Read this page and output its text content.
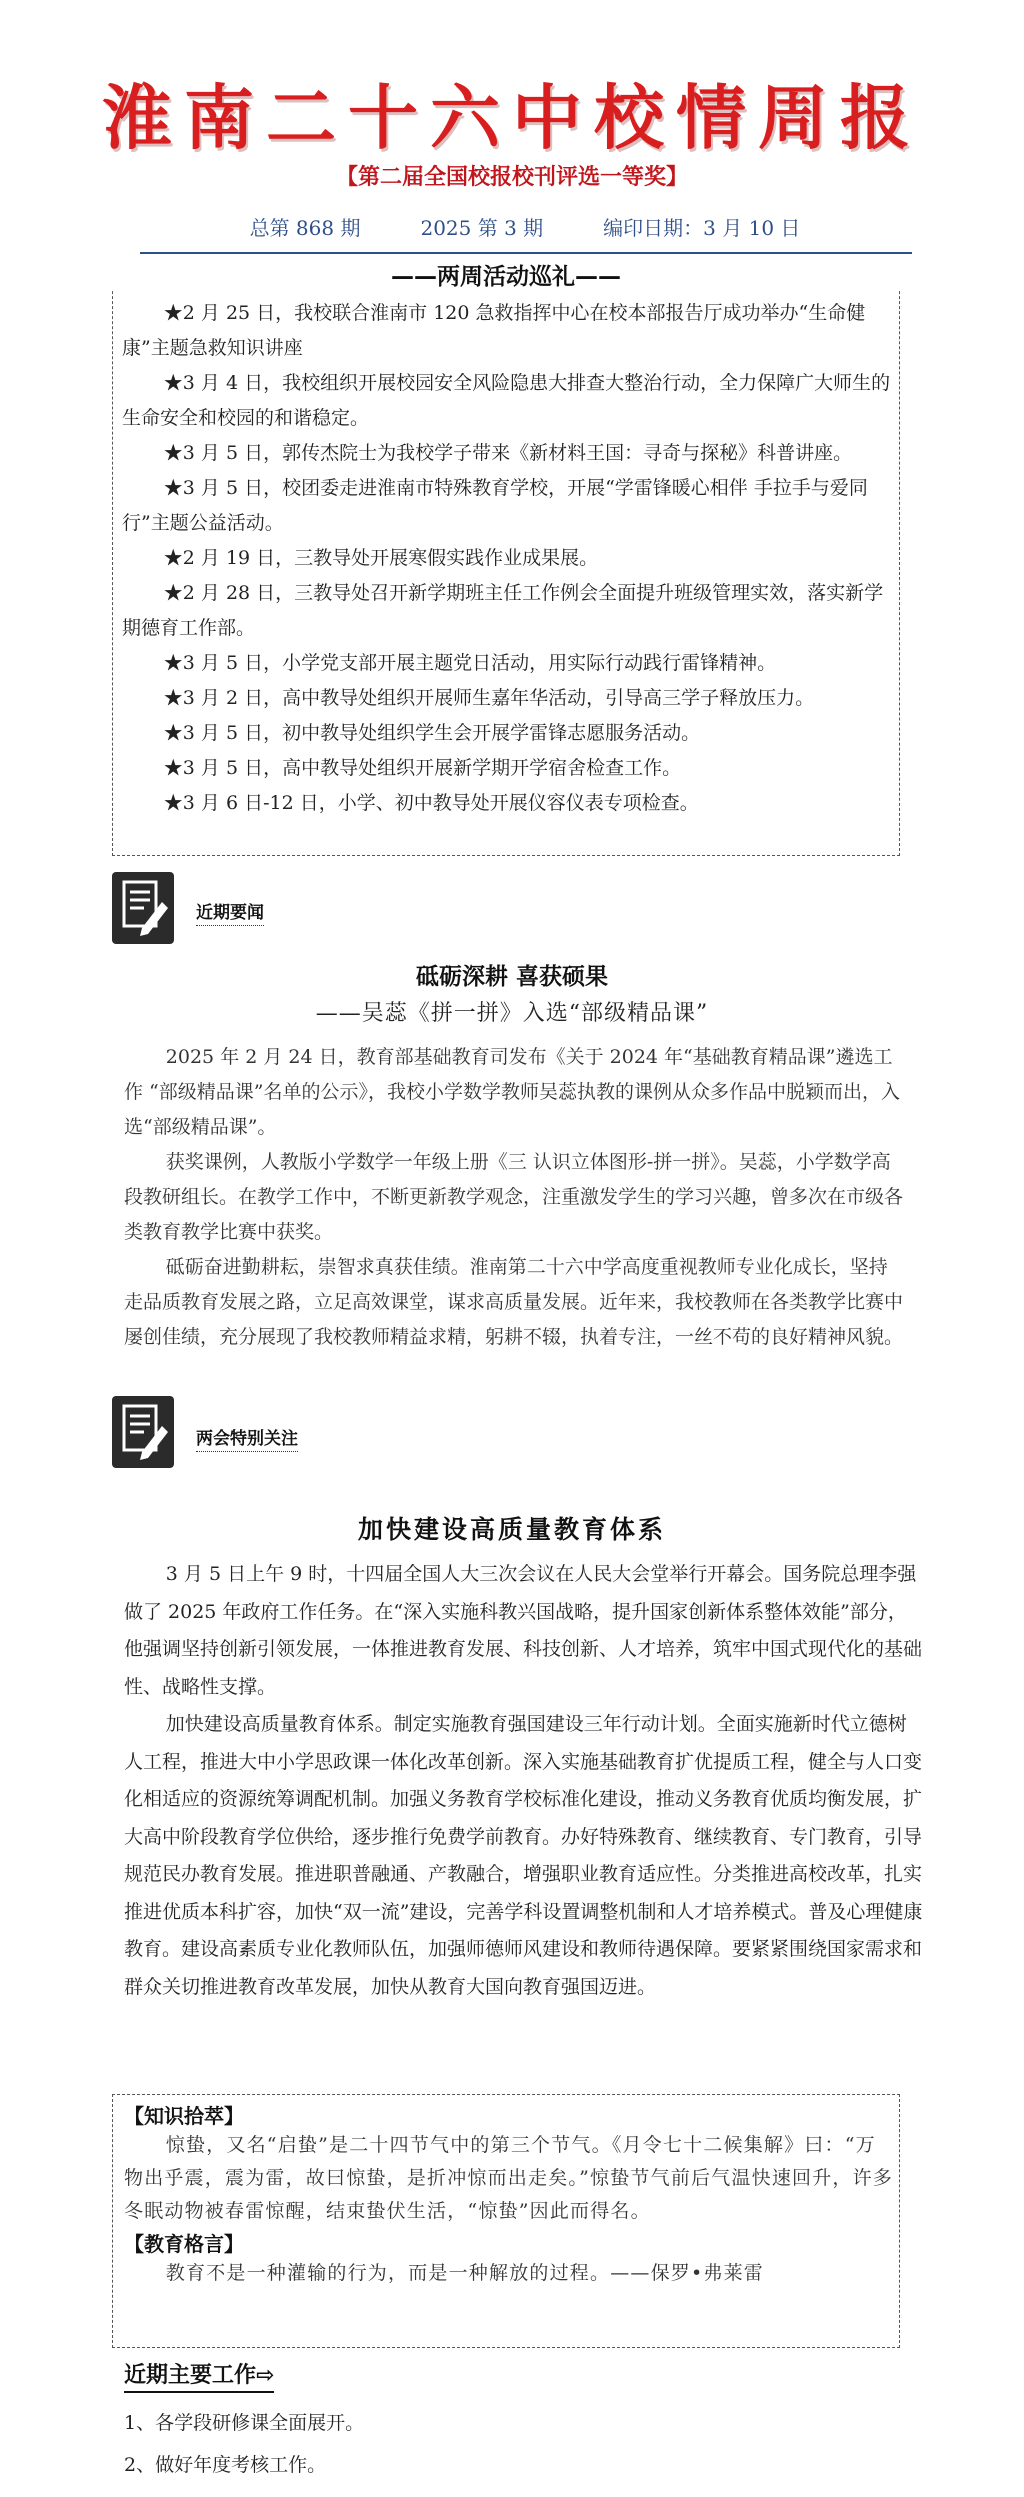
淮南二十六中校情周报
【第二届全国校报校刊评选一等奖】
总第 868 期	2025 第 3 期	编印日期：3 月 10 日
——两周活动巡礼——

★2 月 25 日，我校联合淮南市 120 急救指挥中心在校本部报告厅成功举办“生命健康”主题急救知识讲座

★3 月 4 日，我校组织开展校园安全风险隐患大排查大整治行动，全力保障广大师生的生命安全和校园的和谐稳定。

★3 月 5 日，郭传杰院士为我校学子带来《新材料王国：寻奇与探秘》科普讲座。

★3 月 5 日，校团委走进淮南市特殊教育学校，开展“学雷锋暖心相伴 手拉手与爱同行”主题公益活动。

★2 月 19 日，三教导处开展寒假实践作业成果展。

★2 月 28 日，三教导处召开新学期班主任工作例会全面提升班级管理实效，落实新学期德育工作部。

★3 月 5 日，小学党支部开展主题党日活动，用实际行动践行雷锋精神。

★3 月 2 日，高中教导处组织开展师生嘉年华活动，引导高三学子释放压力。

★3 月 5 日，初中教导处组织学生会开展学雷锋志愿服务活动。

★3 月 5 日，高中教导处组织开展新学期开学宿舍检查工作。

★3 月 6 日-12 日，小学、初中教导处开展仪容仪表专项检查。

近期要闻
砥砺深耕 喜获硕果
——吴蕊《拼一拼》入选“部级精品课”

2025 年 2 月 24 日，教育部基础教育司发布《关于 2024 年“基础教育精品课”遴选工作 “部级精品课”名单的公示》，我校小学数学教师吴蕊执教的课例从众多作品中脱颖而出，入选“部级精品课”。

获奖课例，人教版小学数学一年级上册《三 认识立体图形-拼一拼》。吴蕊，小学数学高段教研组长。在教学工作中，不断更新教学观念，注重激发学生的学习兴趣，曾多次在市级各类教育教学比赛中获奖。

砥砺奋进勤耕耘，崇智求真获佳绩。淮南第二十六中学高度重视教师专业化成长，坚持走品质教育发展之路，立足高效课堂，谋求高质量发展。近年来，我校教师在各类教学比赛中屡创佳绩，充分展现了我校教师精益求精，躬耕不辍，执着专注，一丝不苟的良好精神风貌。

两会特别关注
加快建设高质量教育体系

3 月 5 日上午 9 时，十四届全国人大三次会议在人民大会堂举行开幕会。国务院总理李强做了 2025 年政府工作任务。在“深入实施科教兴国战略，提升国家创新体系整体效能”部分，他强调坚持创新引领发展，一体推进教育发展、科技创新、人才培养，筑牢中国式现代化的基础性、战略性支撑。

加快建设高质量教育体系。制定实施教育强国建设三年行动计划。全面实施新时代立德树人工程，推进大中小学思政课一体化改革创新。深入实施基础教育扩优提质工程，健全与人口变化相适应的资源统筹调配机制。加强义务教育学校标准化建设，推动义务教育优质均衡发展，扩大高中阶段教育学位供给，逐步推行免费学前教育。办好特殊教育、继续教育、专门教育，引导规范民办教育发展。推进职普融通、产教融合，增强职业教育适应性。分类推进高校改革，扎实推进优质本科扩容，加快“双一流”建设，完善学科设置调整机制和人才培养模式。普及心理健康教育。建设高素质专业化教师队伍，加强师德师风建设和教师待遇保障。要紧紧围绕国家需求和群众关切推进教育改革发展，加快从教育大国向教育强国迈进。

【知识拾萃】

惊蛰，又名“启蛰”是二十四节气中的第三个节气。《月令七十二候集解》曰：“万物出乎震，震为雷，故曰惊蛰，是折冲惊而出走矣。”惊蛰节气前后气温快速回升，许多冬眠动物被春雷惊醒，结束蛰伏生活，“惊蛰”因此而得名。

【教育格言】

教育不是一种灌输的行为，而是一种解放的过程。——保罗•弗莱雷

近期主要工作⇨
1、各学段研修课全面展开。
2、做好年度考核工作。
